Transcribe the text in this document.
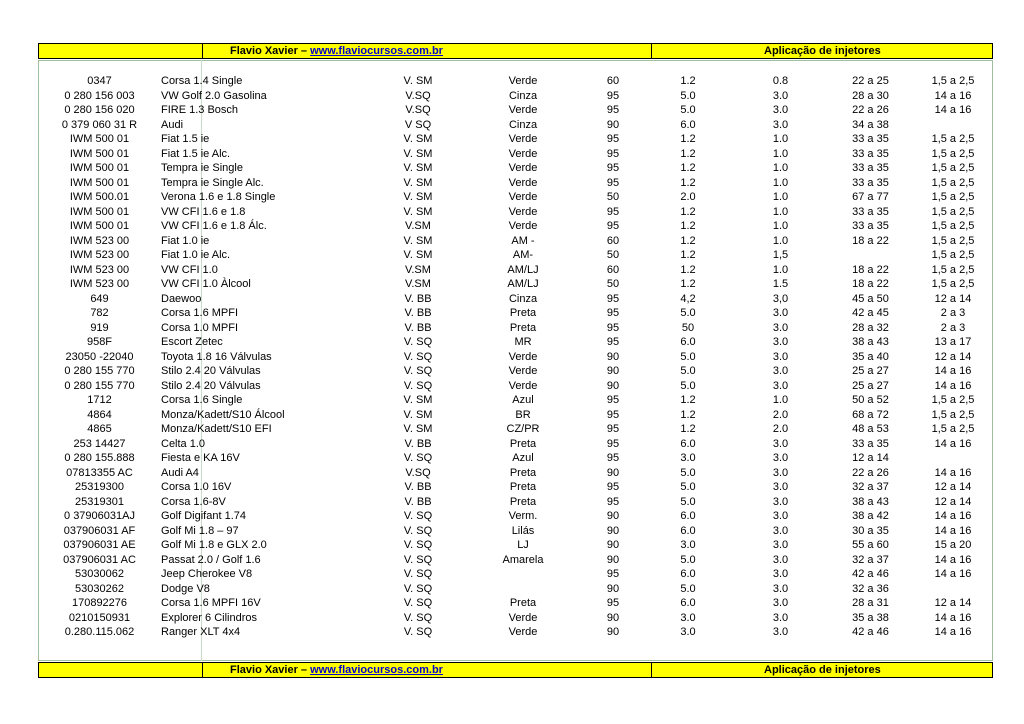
Flavio Xavier – www.flaviocursos.com.br	Aplicação de injetores
0347	Corsa 1.4 Single	V. SM	Verde	60	1.2	0.8	22 a 25	1,5 a 2,5
0 280 156 003	VW Golf 2.0 Gasolina	V.SQ	Cinza	95	5.0	3.0	28 a 30	14 a 16
0 280 156 020	FIRE 1.3 Bosch	V.SQ	Verde	95	5.0	3.0	22 a 26	14 a 16
0 379 060 31 R	Audi	V SQ	Cinza	90	6.0	3.0	34 a 38	
IWM 500 01	Fiat 1.5 ie	V. SM	Verde	95	1.2	1.0	33 a 35	1,5 a 2,5
IWM 500 01	Fiat 1.5 ie Alc.	V. SM	Verde	95	1.2	1.0	33 a 35	1,5 a 2,5
IWM 500 01	Tempra ie Single	V. SM	Verde	95	1.2	1.0	33 a 35	1,5 a 2,5
IWM 500 01	Tempra ie Single Alc.	V. SM	Verde	95	1.2	1.0	33 a 35	1,5 a 2,5
IWM 500.01	Verona 1.6 e 1.8 Single	V. SM	Verde	50	2.0	1.0	67 a 77	1,5 a 2,5
IWM 500 01	VW CFI 1.6 e 1.8	V. SM	Verde	95	1.2	1.0	33 a 35	1,5 a 2,5
IWM 500 01	VW CFI 1.6 e 1.8 Álc.	V.SM	Verde	95	1.2	1.0	33 a 35	1,5 a 2,5
IWM 523 00	Fiat 1.0 ie	V. SM	AM -	60	1.2	1.0	18 a 22	1,5 a 2,5
IWM 523 00	Fiat 1.0 ie Alc.	V. SM	AM-	50	1.2	1,5		1,5 a 2,5
IWM 523 00	VW CFI 1.0	V.SM	AM/LJ	60	1.2	1.0	18 a 22	1,5 a 2,5
IWM 523 00	VW CFI 1.0 Àlcool	V.SM	AM/LJ	50	1.2	1.5	18 a 22	1,5 a 2,5
649	Daewoo	V. BB	Cinza	95	4,2	3,0	45 a 50	12 a 14
782	Corsa 1.6 MPFI	V. BB	Preta	95	5.0	3.0	42 a 45	2 a 3
919	Corsa 1.0 MPFI	V. BB	Preta	95	50	3.0	28 a 32	2 a 3
958F	Escort Zetec	V. SQ	MR	95	6.0	3.0	38 a 43	13 a 17
23050 -22040	Toyota 1.8 16 Válvulas	V. SQ	Verde	90	5.0	3.0	35 a 40	12 a 14
0 280 155 770	Stilo 2.4 20 Válvulas	V. SQ	Verde	90	5.0	3.0	25 a 27	14 a 16
0 280 155 770	Stilo 2.4 20 Válvulas	V. SQ	Verde	90	5.0	3.0	25 a 27	14 a 16
1712	Corsa 1.6 Single	V. SM	Azul	95	1.2	1.0	50 a 52	1,5 a 2,5
4864	Monza/Kadett/S10 Álcool	V. SM	BR	95	1.2	2.0	68 a 72	1,5 a 2,5
4865	Monza/Kadett/S10 EFI	V. SM	CZ/PR	95	1.2	2.0	48 a 53	1,5 a 2,5
253 14427	Celta 1.0	V. BB	Preta	95	6.0	3.0	33 a 35	14 a 16
0 280 155.888	Fiesta e KA 16V	V. SQ	Azul	95	3.0	3.0	12 a 14	
07813355 AC	Audi A4	V.SQ	Preta	90	5.0	3.0	22 a 26	14 a 16
25319300	Corsa 1.0 16V	V. BB	Preta	95	5.0	3.0	32 a 37	12 a 14
25319301	Corsa 1.6-8V	V. BB	Preta	95	5.0	3.0	38 a 43	12 a 14
0 37906031AJ	Golf Digifant 1.74	V. SQ	Verm.	90	6.0	3.0	38 a 42	14 a 16
037906031 AF	Golf Mi 1.8 – 97	V. SQ	Lilás	90	6.0	3.0	30 a 35	14 a 16
037906031 AE	Golf Mi 1.8 e GLX 2.0	V. SQ	LJ	90	3.0	3.0	55 a 60	15 a 20
037906031 AC	Passat 2.0 / Golf 1.6	V. SQ	Amarela	90	5.0	3.0	32 a 37	14 a 16
53030062	Jeep Cherokee V8	V. SQ		95	6.0	3.0	42 a 46	14 a 16
53030262	Dodge V8	V. SQ		90	5.0	3.0	32 a 36	
170892276	Corsa 1.6 MPFI 16V	V. SQ	Preta	95	6.0	3.0	28 a 31	12 a 14
0210150931	Explorer 6 Cilindros	V. SQ	Verde	90	3.0	3.0	35 a 38	14 a 16
0.280.115.062	Ranger XLT 4x4	V. SQ	Verde	90	3.0	3.0	42 a 46	14 a 16
Flavio Xavier – www.flaviocursos.com.br	Aplicação de injetores
